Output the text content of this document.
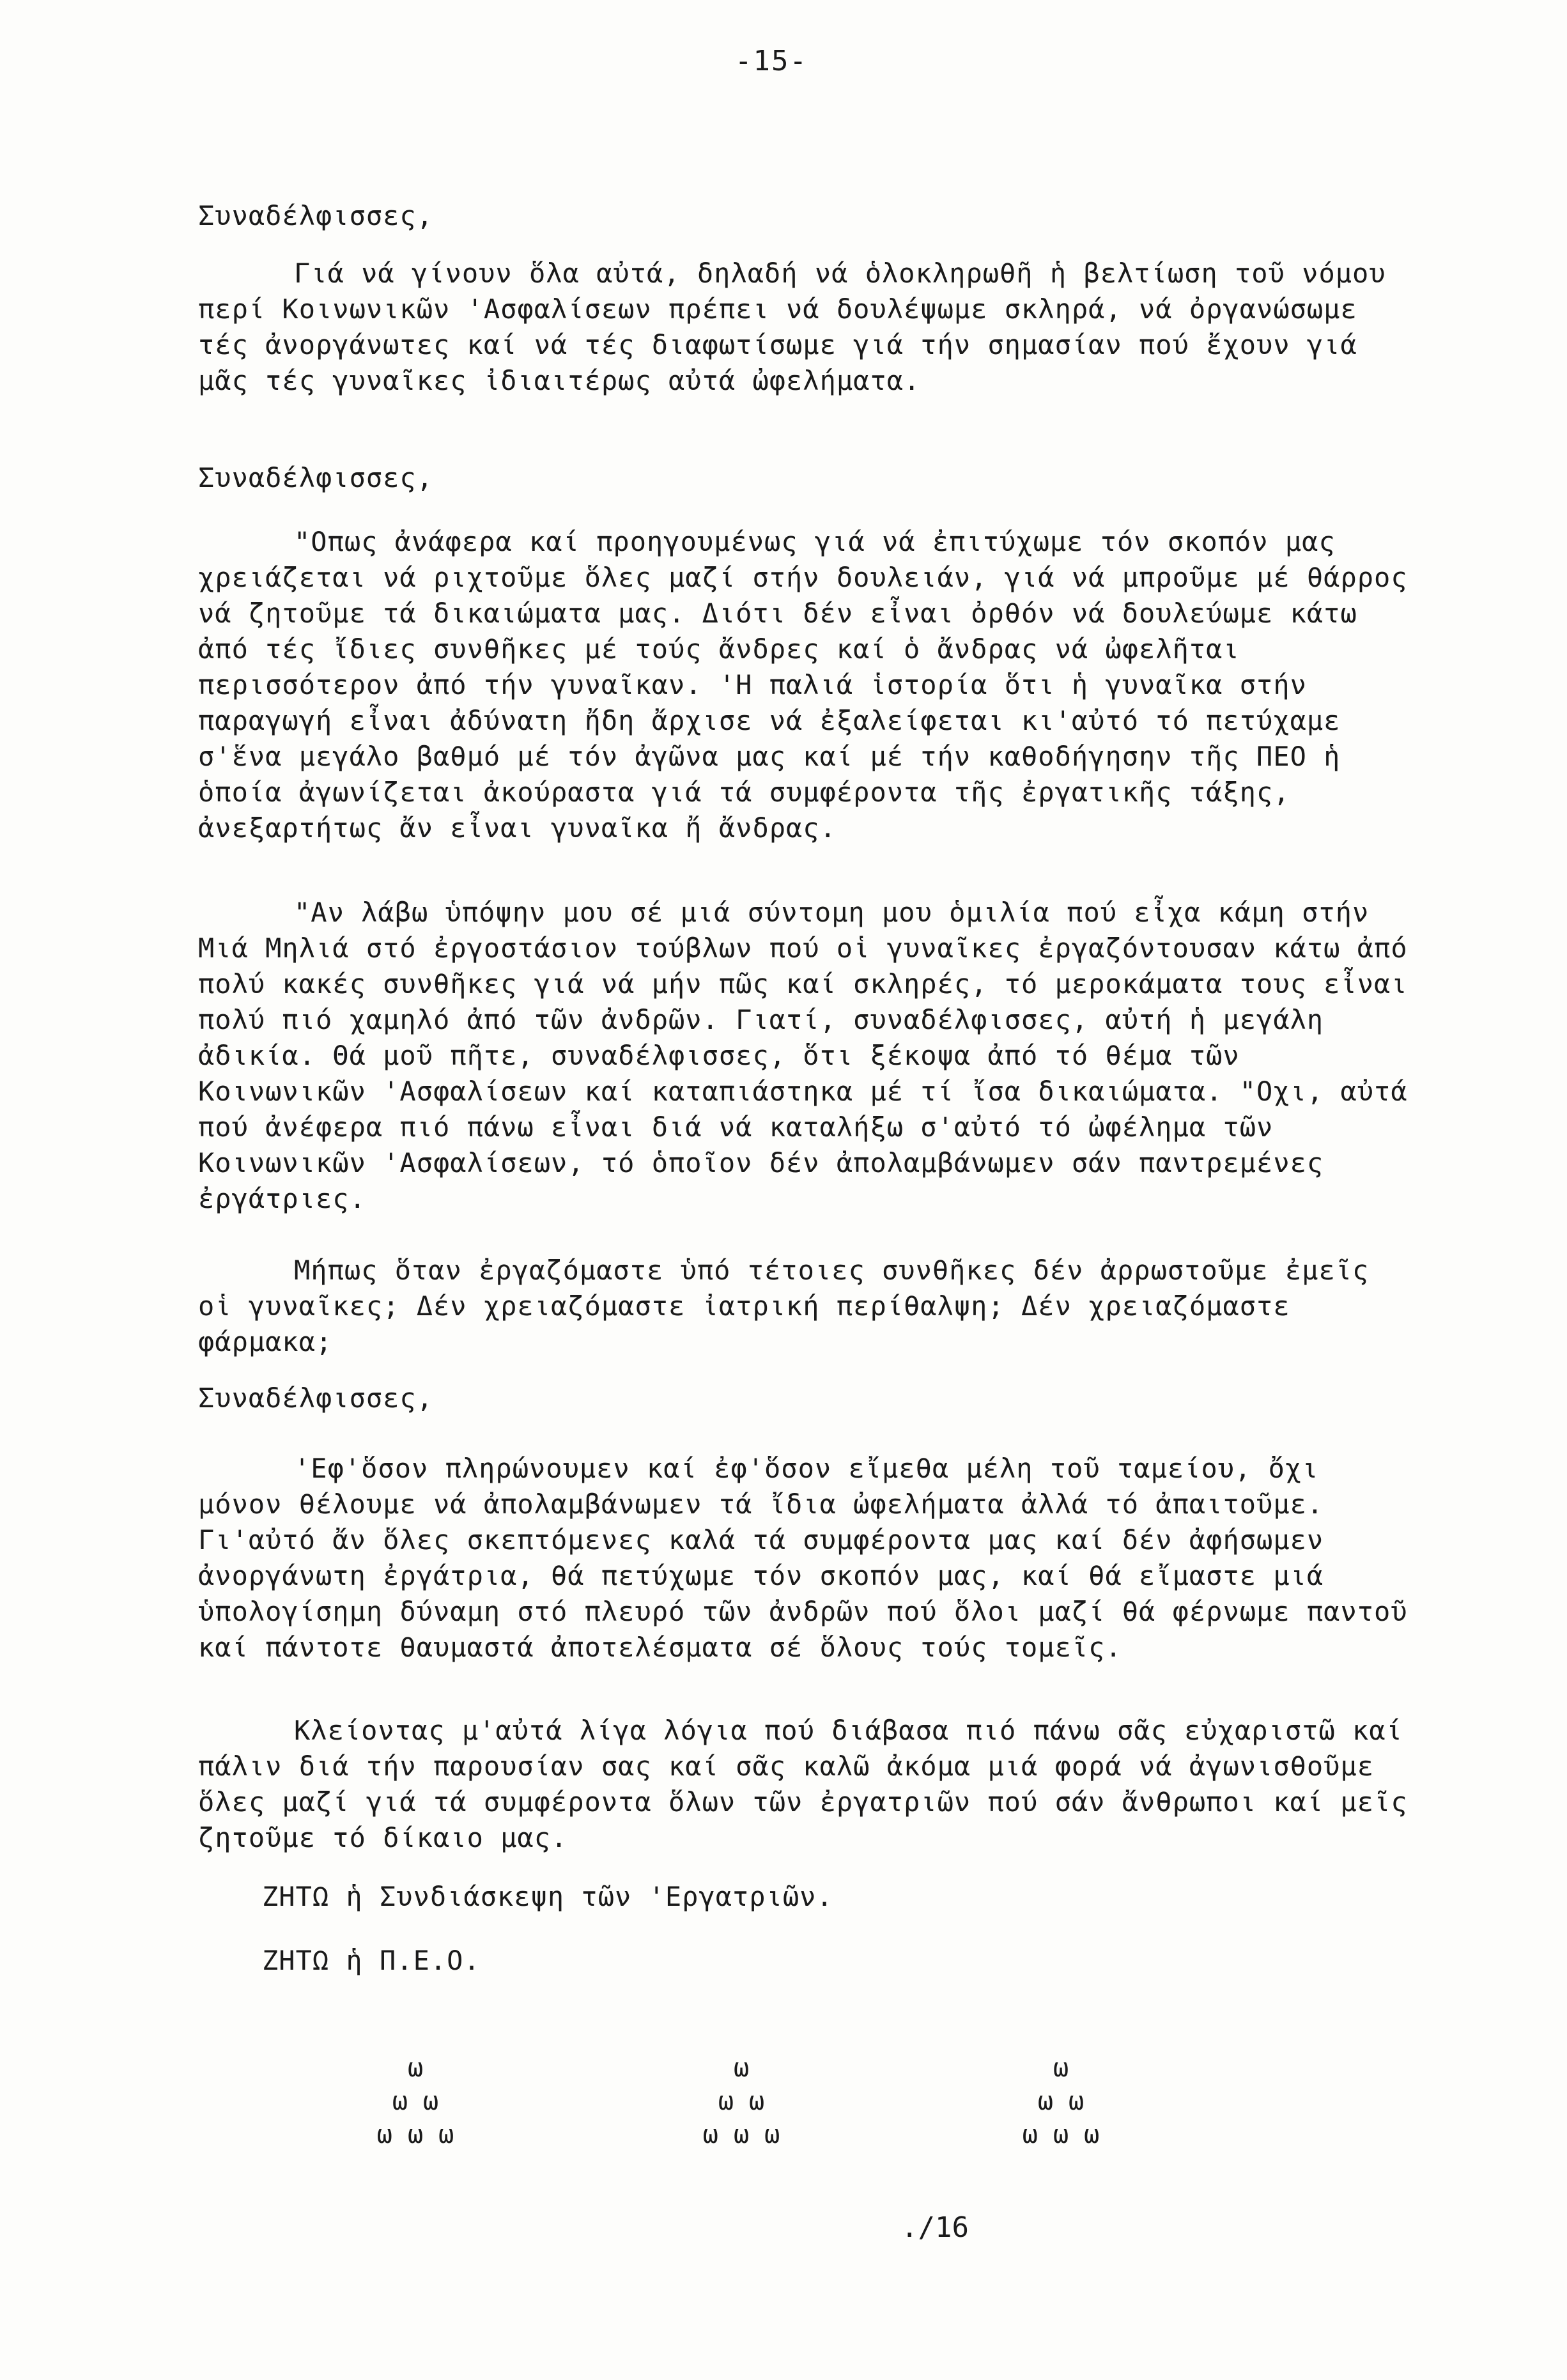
-15-
Συναδέλφισσες,
Γιά νά γίνουν ὅλα αὐτά, δηλαδή νά ὁλοκληρωθῆ ἡ βελτίωση τοῦ νόμου περί Κοινωνικῶν 'Ασφαλίσεων πρέπει νά δουλέψωμε σκληρά, νά ὀργανώσωμε τές ἀνοργάνωτες καί νά τές διαφωτίσωμε γιά τήν σημασίαν πού ἔχουν γιά μᾶς τές γυναῖκες ἰδιαιτέρως αὐτά ὠφελήματα.
Συναδέλφισσες,
"Οπως ἀνάφερα καί προηγουμένως γιά νά ἐπιτύχωμε τόν σκοπόν μας χρειάζεται νά ριχτοῦμε ὅλες μαζί στήν δουλειάν, γιά νά μπροῦμε μέ θάρρος νά ζητοῦμε τά δικαιώματα μας. Διότι δέν εἶναι ὀρθόν νά δουλεύωμε κάτω ἀπό τές ἴδιες συνθῆκες μέ τούς ἄνδρες καί ὁ ἄνδρας νά ὠφελῆται περισσότερον ἀπό τήν γυναῖκαν. 'Η παλιά ἱστορία ὅτι ἡ γυναῖκα στήν παραγωγή εἶναι ἀδύνατη ἤδη ἄρχισε νά ἐξαλείφεται κι'αὐτό τό πετύχαμε σ'ἕνα μεγάλο βαθμό μέ τόν ἀγῶνα μας καί μέ τήν καθοδήγησην τῆς ΠΕΟ ἡ ὁποία ἀγωνίζεται ἀκούραστα γιά τά συμφέροντα τῆς ἐργατικῆς τάξης, ἀνεξαρτήτως ἄν εἶναι γυναῖκα ἤ ἄνδρας.
"Αν λάβω ὑπόψην μου σέ μιά σύντομη μου ὁμιλία πού εἶχα κάμη στήν Μιά Μηλιά στό ἐργοστάσιον τούβλων πού οἱ γυναῖκες ἐργαζόντουσαν κάτω ἀπό πολύ κακές συνθῆκες γιά νά μήν πῶς καί σκληρές, τό μεροκάματα τους εἶναι πολύ πιό χαμηλό ἀπό τῶν ἀνδρῶν. Γιατί, συναδέλφισσες, αὐτή ἡ μεγάλη ἀδικία. Θά μοῦ πῆτε, συναδέλφισσες, ὅτι ξέκοψα ἀπό τό θέμα τῶν Κοινωνικῶν 'Ασφαλίσεων καί καταπιάστηκα μέ τί ἴσα δικαιώματα. "Οχι, αὐτά πού ἀνέφερα πιό πάνω εἶναι διά νά καταλήξω σ'αὐτό τό ὠφέλημα τῶν Κοινωνικῶν 'Ασφαλίσεων, τό ὁποῖον δέν ἀπολαμβάνωμεν σάν παντρεμένες ἐργάτριες.
Μήπως ὅταν ἐργαζόμαστε ὑπό τέτοιες συνθῆκες δέν ἀρρωστοῦμε ἐμεῖς οἱ γυναῖκες; Δέν χρειαζόμαστε ἰατρική περίθαλψη; Δέν χρειαζόμαστε φάρμακα;
Συναδέλφισσες,
'Εφ'ὅσον πληρώνουμεν καί ἐφ'ὅσον εἴμεθα μέλη τοῦ ταμείου, ὄχι μόνον θέλουμε νά ἀπολαμβάνωμεν τά ἴδια ὠφελήματα ἀλλά τό ἀπαιτοῦμε. Γι'αὐτό ἄν ὅλες σκεπτόμενες καλά τά συμφέροντα μας καί δέν ἀφήσωμεν ἀνοργάνωτη ἐργάτρια, θά πετύχωμε τόν σκοπόν μας, καί θά εἴμαστε μιά ὑπολογίσημη δύναμη στό πλευρό τῶν ἀνδρῶν πού ὅλοι μαζί θά φέρνωμε παντοῦ καί πάντοτε θαυμαστά ἀποτελέσματα σέ ὅλους τούς τομεῖς.
Κλείοντας μ'αὐτά λίγα λόγια πού διάβασα πιό πάνω σᾶς εὐχαριστῶ καί πάλιν διά τήν παρουσίαν σας καί σᾶς καλῶ ἀκόμα μιά φορά νά ἀγωνισθοῦμε ὅλες μαζί γιά τά συμφέροντα ὅλων τῶν ἐργατριῶν πού σάν ἄνθρωποι καί μεῖς ζητοῦμε τό δίκαιο μας.
ΖΗΤΩ ἡ Συνδιάσκεψη τῶν 'Εργατριῶν.
ΖΗΤΩ ἡ Π.Ε.Ο.
ω
ω ω
ω ω ω
ω
ω ω
ω ω ω
ω
ω ω
ω ω ω
./16
